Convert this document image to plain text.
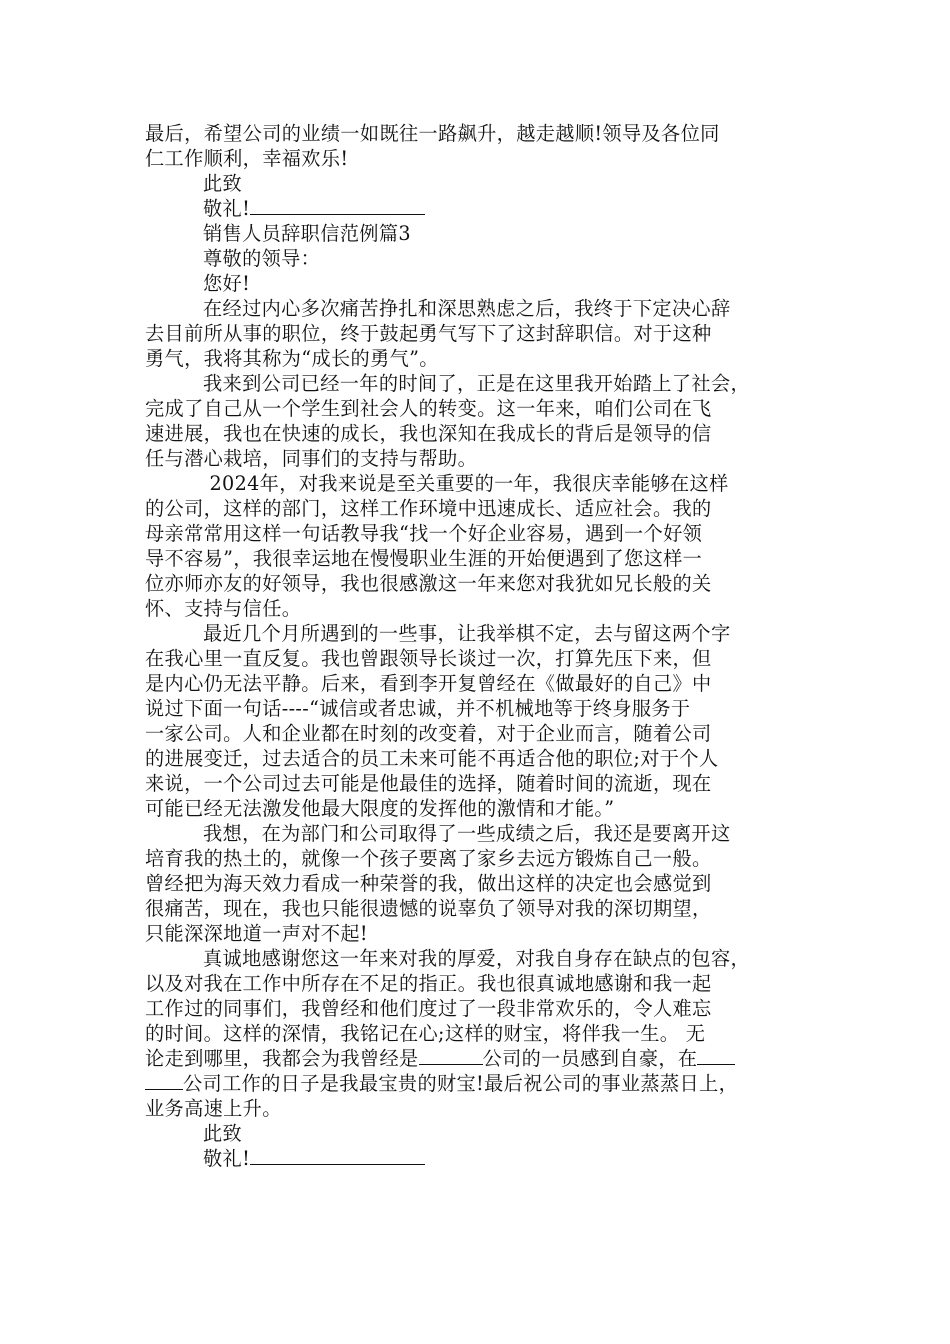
最后，希望公司的业绩一如既往一路飙升，越走越顺!领导及各位同
仁工作顺利，幸福欢乐!
此致
敬礼!
销售人员辞职信范例篇3
尊敬的领导：
您好!
在经过内心多次痛苦挣扎和深思熟虑之后，我终于下定决心辞
去目前所从事的职位，终于鼓起勇气写下了这封辞职信。对于这种
勇气，我将其称为“成长的勇气”。
我来到公司已经一年的时间了，正是在这里我开始踏上了社会，
完成了自己从一个学生到社会人的转变。这一年来，咱们公司在飞
速进展，我也在快速的成长，我也深知在我成长的背后是领导的信
任与潜心栽培，同事们的支持与帮助。
2024年，对我来说是至关重要的一年，我很庆幸能够在这样
的公司，这样的部门，这样工作环境中迅速成长、适应社会。我的
母亲常常用这样一句话教导我“找一个好企业容易，遇到一个好领
导不容易”，我很幸运地在慢慢职业生涯的开始便遇到了您这样一
位亦师亦友的好领导，我也很感激这一年来您对我犹如兄长般的关
怀、支持与信任。
最近几个月所遇到的一些事，让我举棋不定，去与留这两个字
在我心里一直反复。我也曾跟领导长谈过一次，打算先压下来，但
是内心仍无法平静。后来，看到李开复曾经在《做最好的自己》中
说过下面一句话----“诚信或者忠诚，并不机械地等于终身服务于
一家公司。人和企业都在时刻的改变着，对于企业而言，随着公司
的进展变迁，过去适合的员工未来可能不再适合他的职位;对于个人
来说，一个公司过去可能是他最佳的选择，随着时间的流逝，现在
可能已经无法激发他最大限度的发挥他的激情和才能。”
我想，在为部门和公司取得了一些成绩之后，我还是要离开这
培育我的热土的，就像一个孩子要离了家乡去远方锻炼自己一般。
曾经把为海天效力看成一种荣誉的我，做出这样的决定也会感觉到
很痛苦，现在，我也只能很遗憾的说辜负了领导对我的深切期望，
只能深深地道一声对不起!
真诚地感谢您这一年来对我的厚爱，对我自身存在缺点的包容，
以及对我在工作中所存在不足的指正。我也很真诚地感谢和我一起
工作过的同事们，我曾经和他们度过了一段非常欢乐的，令人难忘
的时间。这样的深情，我铭记在心;这样的财宝，将伴我一生。 无
论走到哪里，我都会为我曾经是	公司的一员感到自豪，在
公司工作的日子是我最宝贵的财宝!最后祝公司的事业蒸蒸日上，
业务高速上升。
此致
敬礼!
